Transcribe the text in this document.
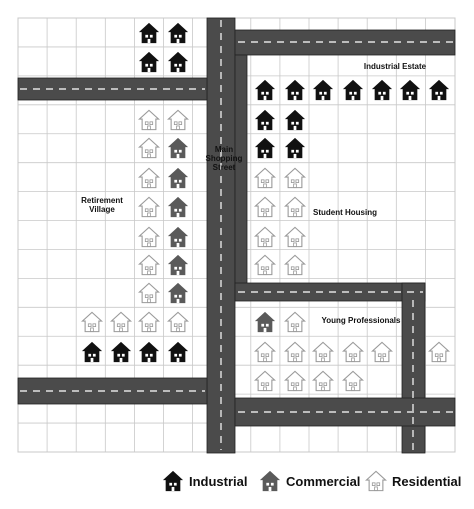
Industrial Estate
Main
Shopping
Street
Retirement
Village	Student Housing
Young Professionals
Industrial	Commercial Residential
